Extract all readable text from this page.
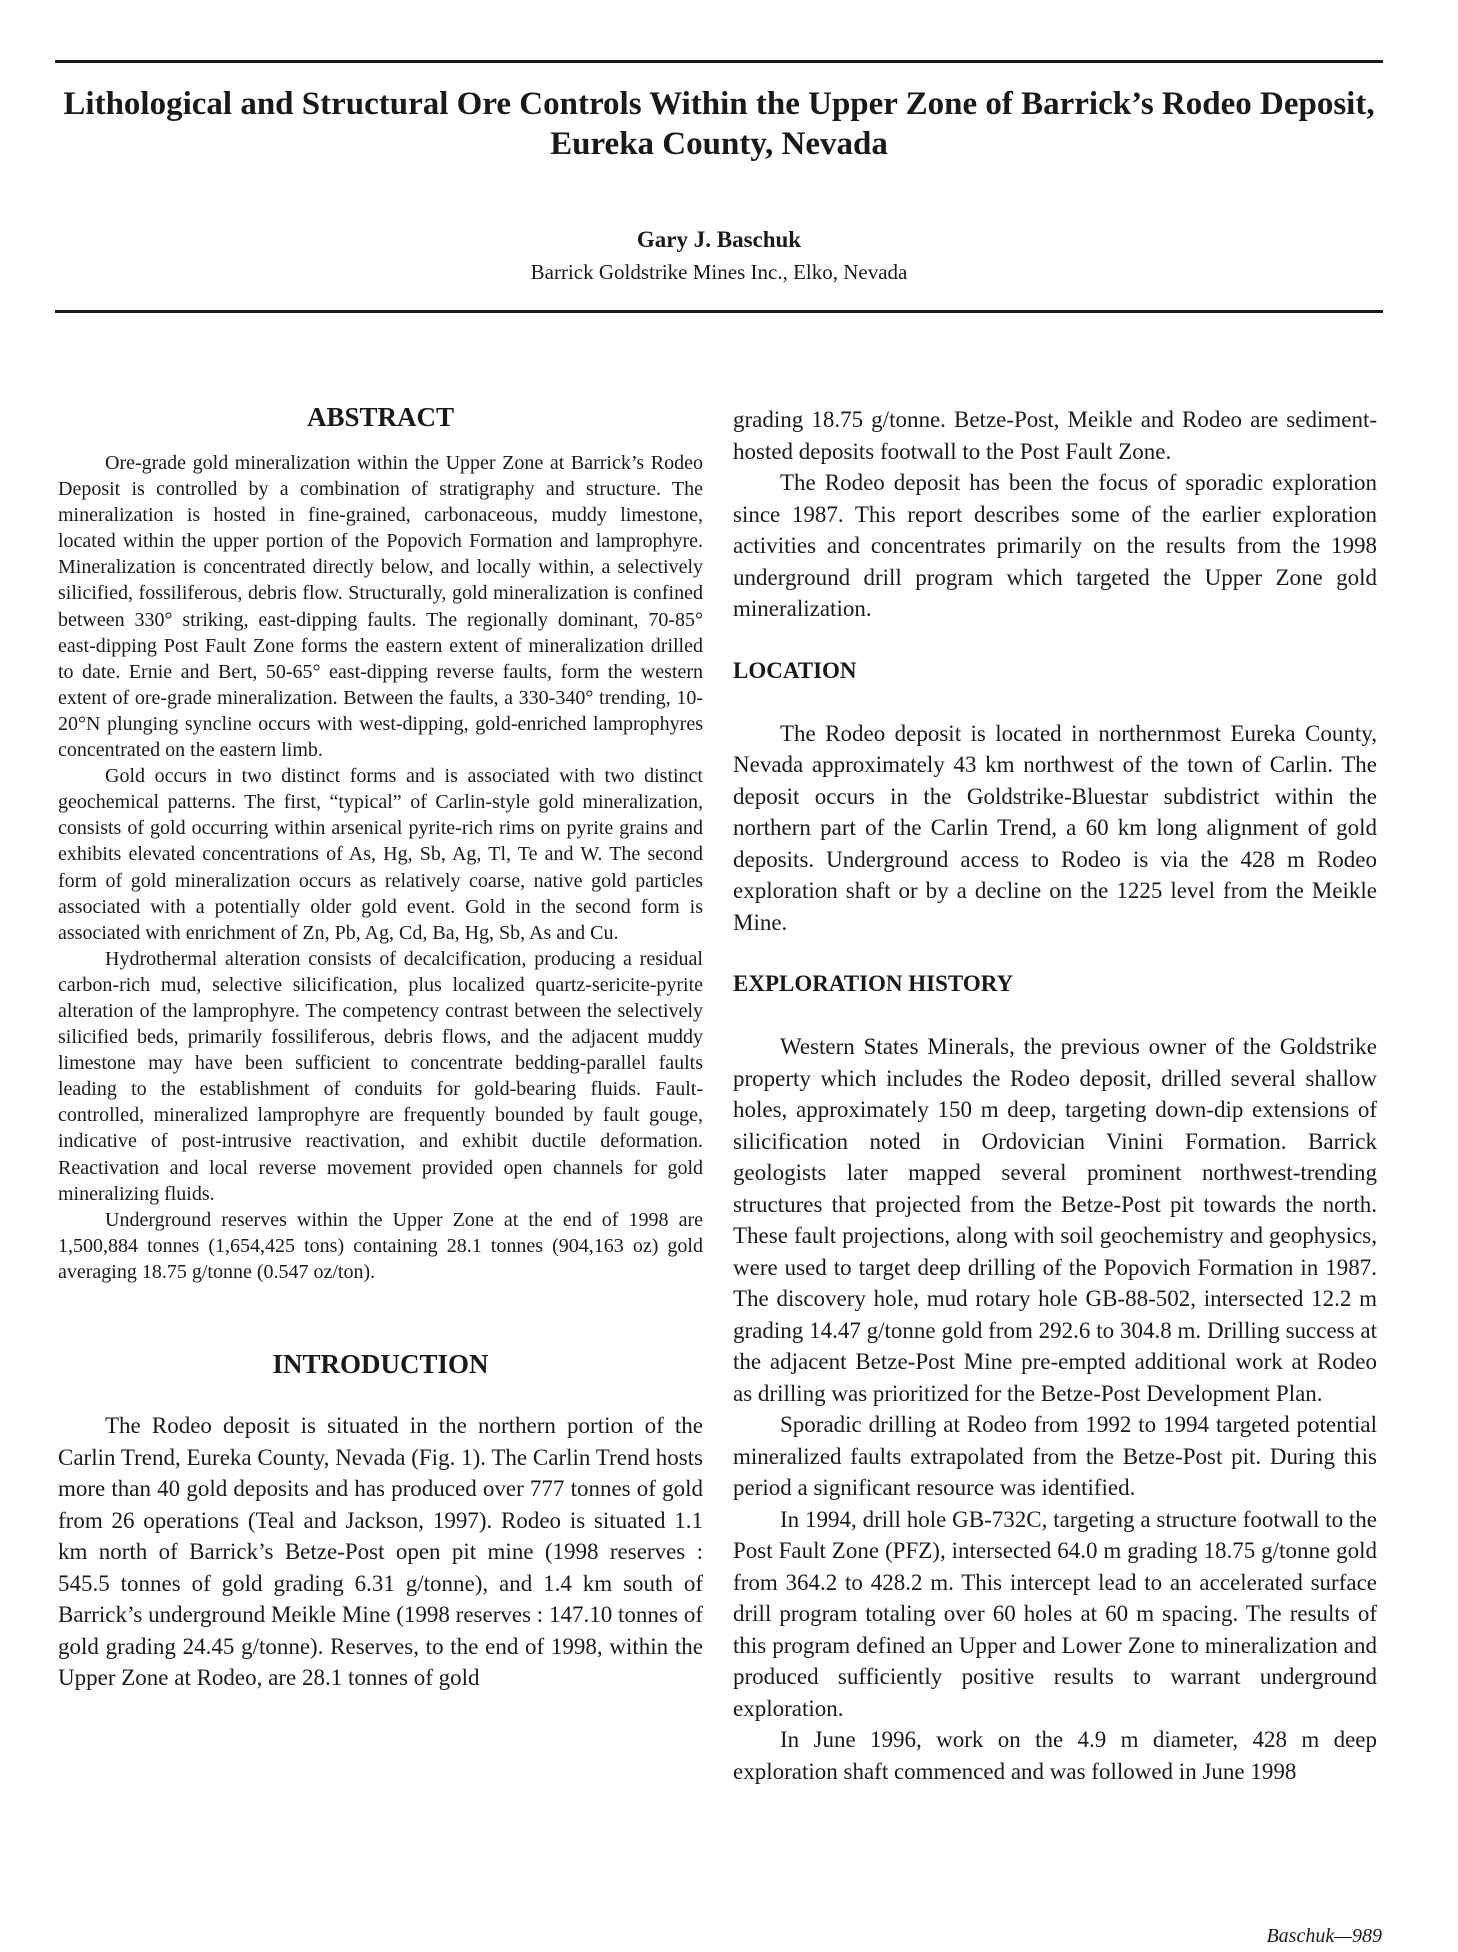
Lithological and Structural Ore Controls Within the Upper Zone of Barrick’s Rodeo Deposit, Eureka County, Nevada

Gary J. Baschuk

Barrick Goldstrike Mines Inc., Elko, Nevada

ABSTRACT

Ore-grade gold mineralization within the Upper Zone at Barrick’s Rodeo Deposit is controlled by a combination of stratigraphy and structure. The mineralization is hosted in fine-grained, carbonaceous, muddy limestone, located within the upper portion of the Popovich Formation and lamprophyre. Mineralization is concentrated directly below, and locally within, a selectively silicified, fossiliferous, debris flow. Structurally, gold mineralization is confined between 330° striking, east-dipping faults. The regionally dominant, 70-85° east-dipping Post Fault Zone forms the eastern extent of mineralization drilled to date. Ernie and Bert, 50-65° east-dipping reverse faults, form the western extent of ore-grade mineralization. Between the faults, a 330-340° trending, 10-20°N plunging syncline occurs with west-dipping, gold-enriched lamprophyres concentrated on the eastern limb.

Gold occurs in two distinct forms and is associated with two distinct geochemical patterns. The first, “typical” of Carlin-style gold mineralization, consists of gold occurring within arsenical pyrite-rich rims on pyrite grains and exhibits elevated concentrations of As, Hg, Sb, Ag, Tl, Te and W. The second form of gold mineralization occurs as relatively coarse, native gold particles associated with a potentially older gold event. Gold in the second form is associated with enrichment of Zn, Pb, Ag, Cd, Ba, Hg, Sb, As and Cu.

Hydrothermal alteration consists of decalcification, producing a residual carbon-rich mud, selective silicification, plus localized quartz-sericite-pyrite alteration of the lamprophyre. The competency contrast between the selectively silicified beds, primarily fossiliferous, debris flows, and the adjacent muddy limestone may have been sufficient to concentrate bedding-parallel faults leading to the establishment of conduits for gold-bearing fluids. Fault-controlled, mineralized lamprophyre are frequently bounded by fault gouge, indicative of post-intrusive reactivation, and exhibit ductile deformation. Reactivation and local reverse movement provided open channels for gold mineralizing fluids.

Underground reserves within the Upper Zone at the end of 1998 are 1,500,884 tonnes (1,654,425 tons) containing 28.1 tonnes (904,163 oz) gold averaging 18.75 g/tonne (0.547 oz/ton).

INTRODUCTION

The Rodeo deposit is situated in the northern portion of the Carlin Trend, Eureka County, Nevada (Fig. 1). The Carlin Trend hosts more than 40 gold deposits and has produced over 777 tonnes of gold from 26 operations (Teal and Jackson, 1997). Rodeo is situated 1.1 km north of Barrick’s Betze-Post open pit mine (1998 reserves : 545.5 tonnes of gold grading 6.31 g/tonne), and 1.4 km south of Barrick’s underground Meikle Mine (1998 reserves : 147.10 tonnes of gold grading 24.45 g/tonne). Reserves, to the end of 1998, within the Upper Zone at Rodeo, are 28.1 tonnes of gold

grading 18.75 g/tonne. Betze-Post, Meikle and Rodeo are sediment-hosted deposits footwall to the Post Fault Zone.

The Rodeo deposit has been the focus of sporadic exploration since 1987. This report describes some of the earlier exploration activities and concentrates primarily on the results from the 1998 underground drill program which targeted the Upper Zone gold mineralization.

LOCATION

The Rodeo deposit is located in northernmost Eureka County, Nevada approximately 43 km northwest of the town of Carlin. The deposit occurs in the Goldstrike-Bluestar subdistrict within the northern part of the Carlin Trend, a 60 km long alignment of gold deposits. Underground access to Rodeo is via the 428 m Rodeo exploration shaft or by a decline on the 1225 level from the Meikle Mine.

EXPLORATION HISTORY

Western States Minerals, the previous owner of the Goldstrike property which includes the Rodeo deposit, drilled several shallow holes, approximately 150 m deep, targeting down-dip extensions of silicification noted in Ordovician Vinini Formation. Barrick geologists later mapped several prominent northwest-trending structures that projected from the Betze-Post pit towards the north. These fault projections, along with soil geochemistry and geophysics, were used to target deep drilling of the Popovich Formation in 1987. The discovery hole, mud rotary hole GB-88-502, intersected 12.2 m grading 14.47 g/tonne gold from 292.6 to 304.8 m. Drilling success at the adjacent Betze-Post Mine pre-empted additional work at Rodeo as drilling was prioritized for the Betze-Post Development Plan.

Sporadic drilling at Rodeo from 1992 to 1994 targeted potential mineralized faults extrapolated from the Betze-Post pit. During this period a significant resource was identified.

In 1994, drill hole GB-732C, targeting a structure footwall to the Post Fault Zone (PFZ), intersected 64.0 m grading 18.75 g/tonne gold from 364.2 to 428.2 m. This intercept lead to an accelerated surface drill program totaling over 60 holes at 60 m spacing. The results of this program defined an Upper and Lower Zone to mineralization and produced sufficiently positive results to warrant underground exploration.

In June 1996, work on the 4.9 m diameter, 428 m deep exploration shaft commenced and was followed in June 1998

Baschuk—989
